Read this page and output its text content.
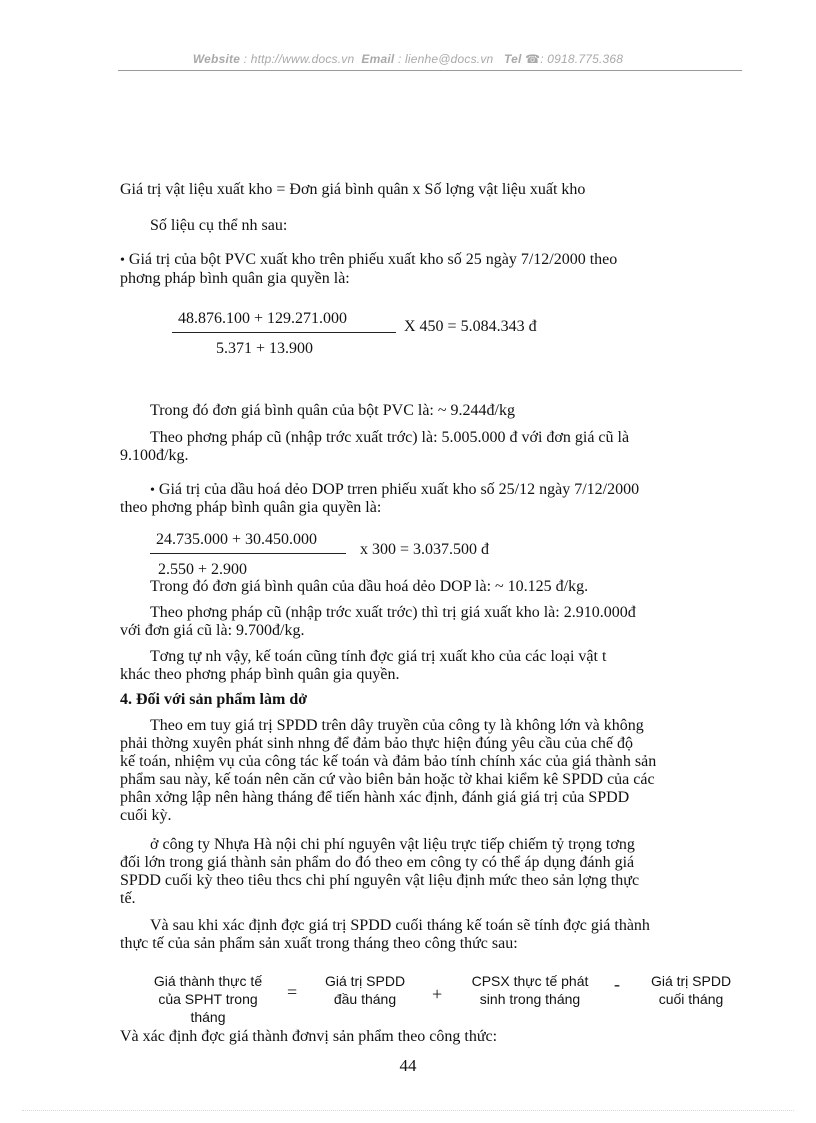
Website : http://www.docs.vn Email : lienhe@docs.vn Tel ☎: 0918.775.368
Giá trị vật liệu xuất kho = Đơn giá bình quân x Số lợng vật liệu xuất kho
Số liệu cụ thể nh sau:
• Giá trị của bột PVC xuất kho trên phiếu xuất kho số 25 ngày 7/12/2000 theo
phơng pháp bình quân gia quyền là:
48.876.100 + 129.271.000
5.371 + 13.900
X 450 = 5.084.343 đ
Trong đó đơn giá bình quân của bột PVC là: ~ 9.244đ/kg
Theo phơng pháp cũ (nhập trớc xuất trớc) là: 5.005.000 đ với đơn giá cũ là
9.100đ/kg.
• Giá trị của dầu hoá dẻo DOP trren phiếu xuất kho số 25/12 ngày 7/12/2000
theo phơng pháp bình quân gia quyền là:
24.735.000 + 30.450.000
2.550 + 2.900
x 300 = 3.037.500 đ
Trong đó đơn giá bình quân của dầu hoá dẻo DOP là: ~ 10.125 đ/kg.
Theo phơng pháp cũ (nhập trớc xuất trớc) thì trị giá xuất kho là: 2.910.000đ
với đơn giá cũ là: 9.700đ/kg.
Tơng tự nh vậy, kế toán cũng tính đợc giá trị xuất kho của các loại vật t
khác theo phơng pháp bình quân gia quyền.
4. Đối với sản phẩm làm dở
Theo em tuy giá trị SPDD trên dây truyền của công ty là không lớn và không
phải thờng xuyên phát sinh nhng để đảm bảo thực hiện đúng yêu cầu của chế độ
kế toán, nhiệm vụ của công tác kế toán và đảm bảo tính chính xác của giá thành sản
phẩm sau này, kế toán nên căn cứ vào biên bản hoặc tờ khai kiểm kê SPDD của các
phân xởng lập nên hàng tháng để tiến hành xác định, đánh giá giá trị của SPDD
cuối kỳ.
ở công ty Nhựa Hà nội chi phí nguyên vật liệu trực tiếp chiếm tỷ trọng tơng
đối lớn trong giá thành sản phẩm do đó theo em công ty có thể áp dụng đánh giá
SPDD cuối kỳ theo tiêu thcs chi phí nguyên vật liệu định mức theo sản lợng thực
tế.
Và sau khi xác định đợc giá trị SPDD cuối tháng kế toán sẽ tính đợc giá thành
thực tế của sản phẩm sản xuất trong tháng theo công thức sau:
Giá thành thực tế
của SPHT trong
tháng
=
Giá trị SPDD
đầu tháng	+
CPSX thực tế phát
sinh trong tháng
-	Giá trị SPDD
cuối tháng
Và xác định đợc giá thành đơnvị sản phẩm theo công thức:
44
